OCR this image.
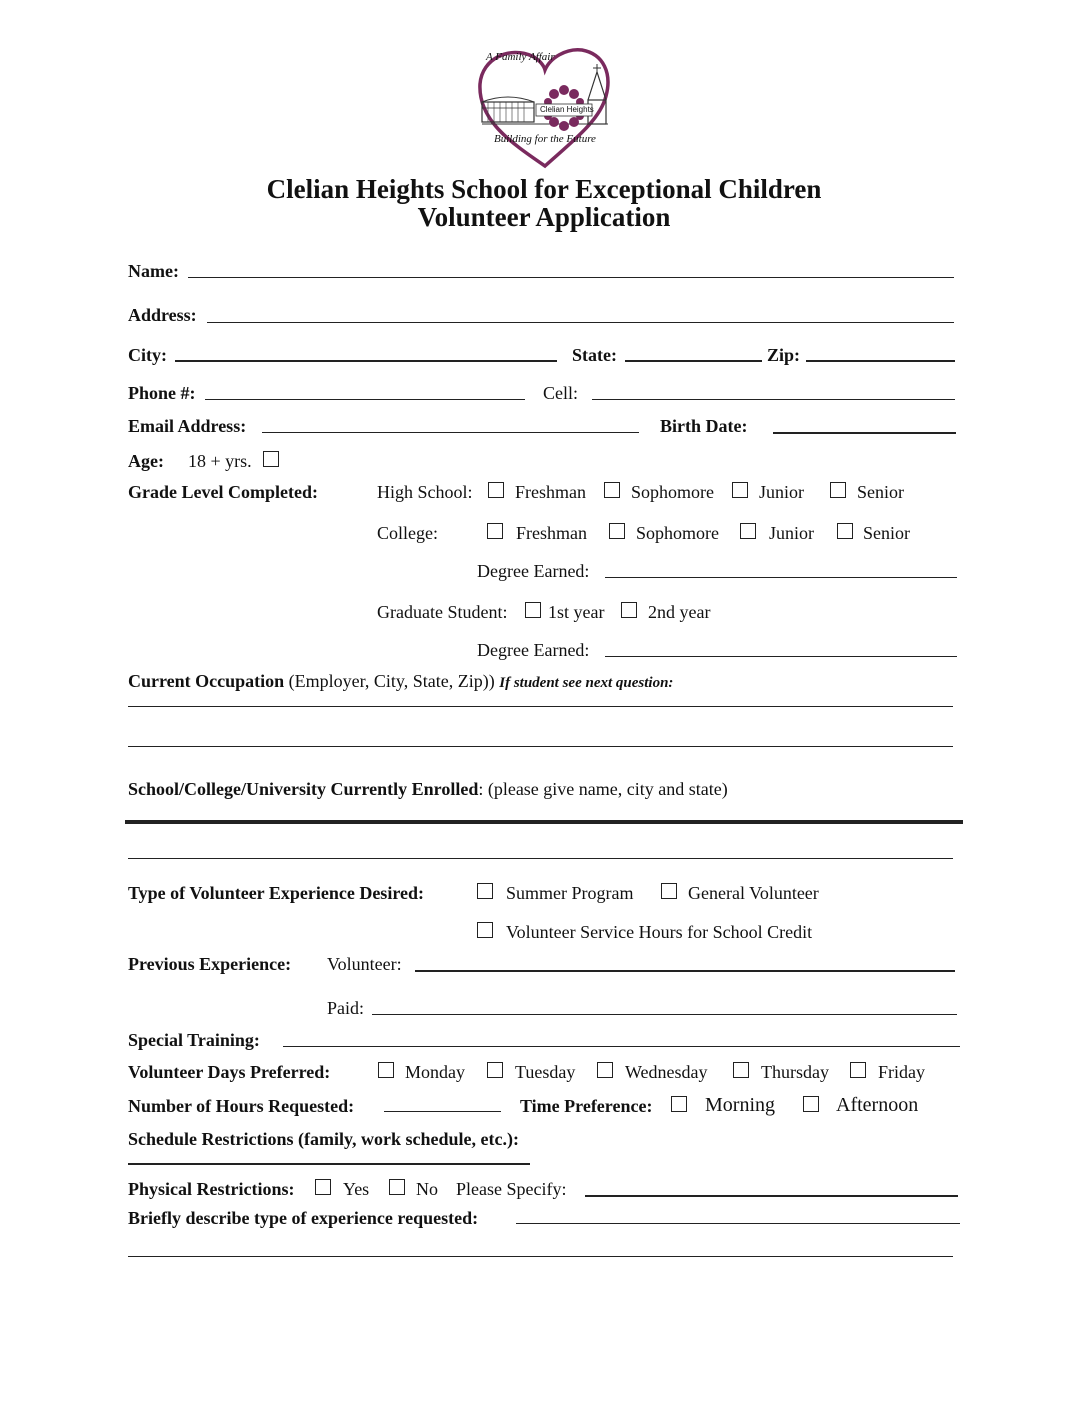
A Family Affair
Clelian Heights
Building for the Future
Clelian Heights School for Exceptional Children
Volunteer Application
Name:
Address:
City:	State:	Zip:
Phone #:	Cell:
Email Address:	Birth Date:
Age: 18 + yrs.
Grade Level Completed:	High School: Freshman	Sophomore	Junior	Senior
College:	Freshman	Sophomore	Junior	Senior
Degree Earned:
Graduate Student: 1st year 2nd year
Degree Earned:
Current Occupation (Employer, City, State, Zip)) If student see next question:
School/College/University Currently Enrolled: (please give name, city and state)
Type of Volunteer Experience Desired:	Summer Program	General Volunteer
Volunteer Service Hours for School Credit
Previous Experience: Volunteer:
Paid:
Special Training:
Volunteer Days Preferred:	Monday	Tuesday	Wednesday	Thursday	Friday
Number of Hours Requested:	Time Preference:	Morning	Afternoon
Schedule Restrictions (family, work schedule, etc.):
Physical Restrictions:	Yes	No Please Specify:
Briefly describe type of experience requested:
